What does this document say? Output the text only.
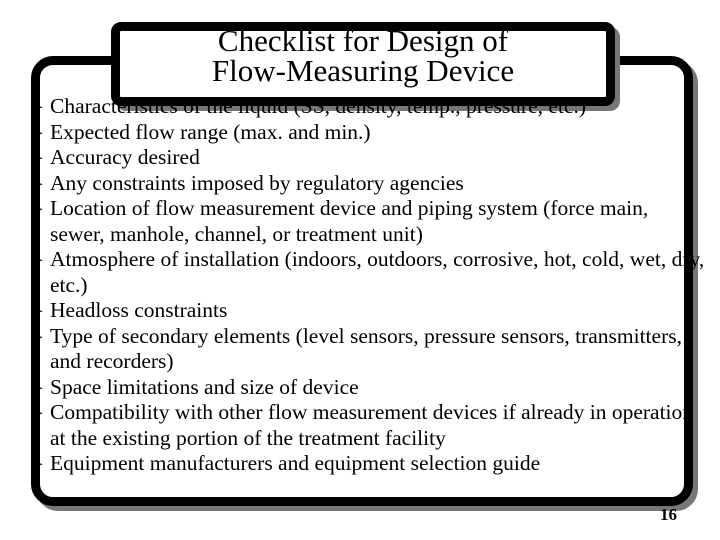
Checklist for Design of
Flow-Measuring Device
➢ Characteristics of the liquid (SS, density, temp., pressure, etc.)
➢ Expected flow range (max. and min.)
➢ Accuracy desired
➢ Any constraints imposed by regulatory agencies
➢ Location of flow measurement device and piping system (force main, sewer, manhole, channel, or treatment unit)
➢ Atmosphere of installation (indoors, outdoors, corrosive, hot, cold, wet, dry, etc.)
➢ Headloss constraints
➢ Type of secondary elements (level sensors, pressure sensors, transmitters, and recorders)
➢ Space limitations and size of device
➢ Compatibility with other flow measurement devices if already in operation at the existing portion of the treatment facility
➢ Equipment manufacturers and equipment selection guide
16
